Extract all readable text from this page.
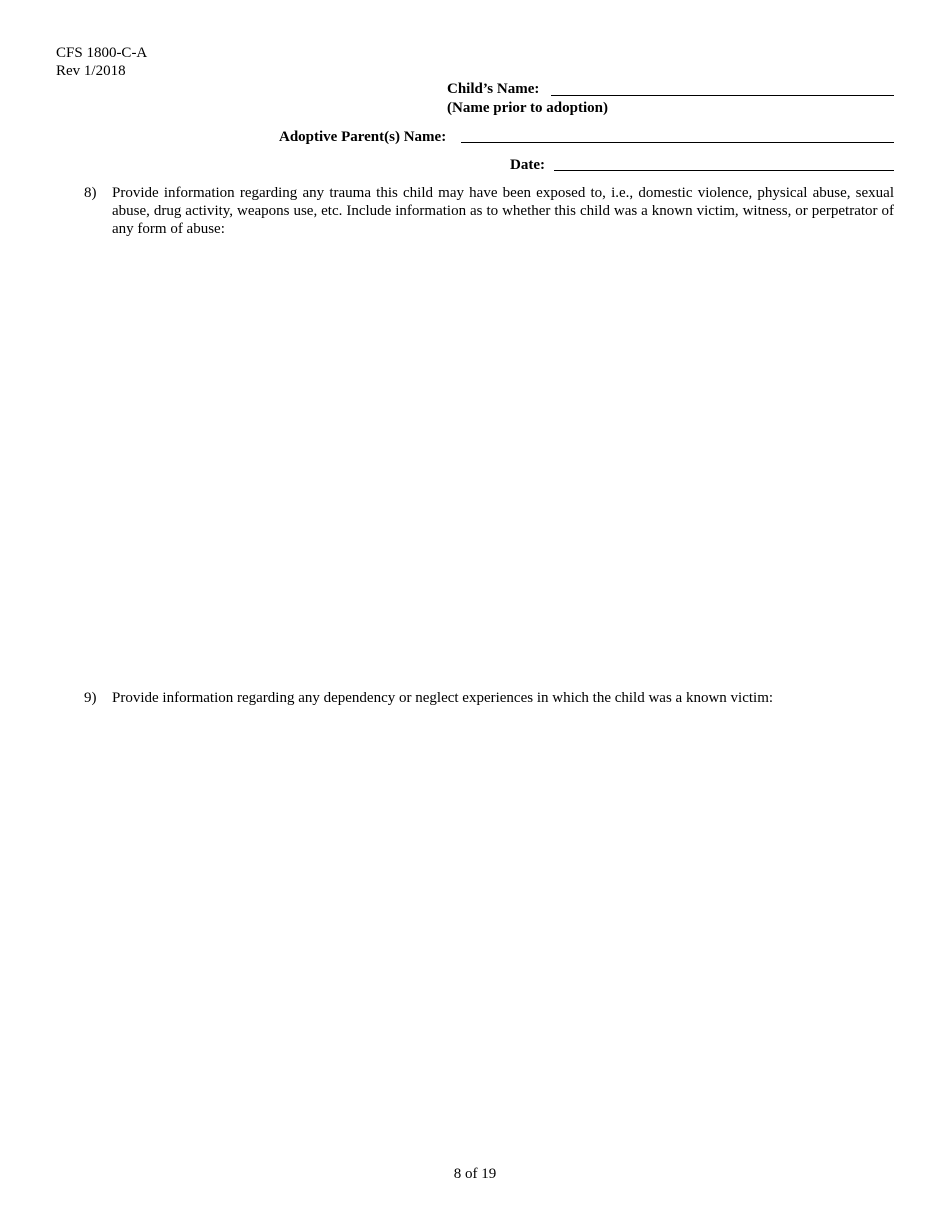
CFS 1800-C-A
Rev 1/2018
Child’s Name:
(Name prior to adoption)
Adoptive Parent(s) Name:
Date:
8) Provide information regarding any trauma this child may have been exposed to, i.e., domestic violence, physical abuse, sexual abuse, drug activity, weapons use, etc. Include information as to whether this child was a known victim, witness, or perpetrator of any form of abuse:
9) Provide information regarding any dependency or neglect experiences in which the child was a known victim:
8 of 19
